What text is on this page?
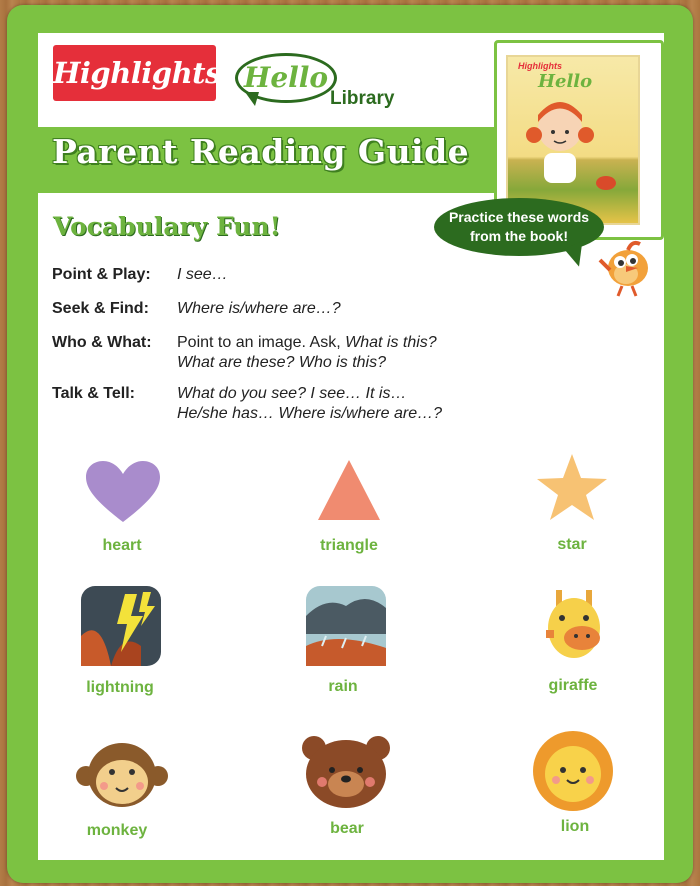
Highlights Hello
Library
Parent Reading Guide
Highlights
Hello
Vocabulary Fun!	Practice these words
from the book!
Point & Play: I see…
Seek & Find: Where is/where are…?
Who & What: Point to an image. Ask, What is this?
What are these? Who is this?
Talk & Tell:	What do you see? I see… It is…
He/she has… Where is/where are…?
heart	triangle	star
lightning	rain	giraffe
monkey	bear	lion
